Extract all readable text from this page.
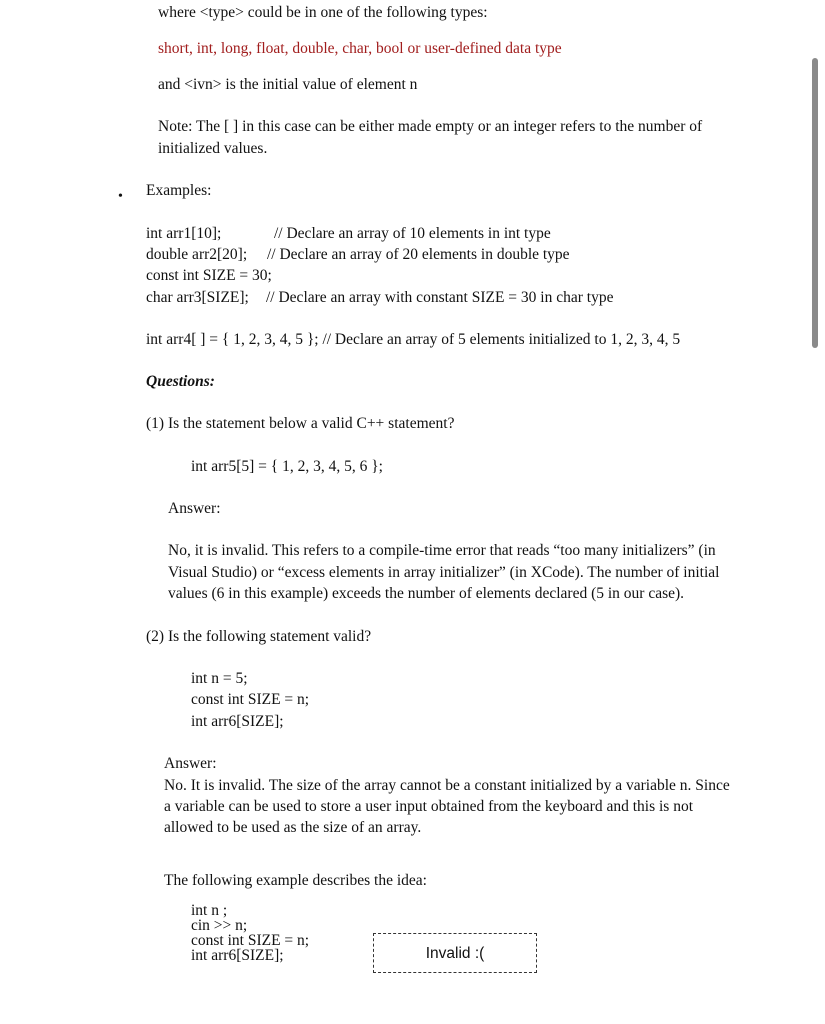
where <type> could be in one of the following types:
short, int, long, float, double, char, bool or user-defined data type
and <ivn> is the initial value of element n
Note: The [ ] in this case can be either made empty or an integer refers to the number of
initialized values.
• Examples:
int arr1[10];	// Declare an array of 10 elements in int type
double arr2[20]; // Declare an array of 20 elements in double type
const int SIZE = 30;
char arr3[SIZE]; // Declare an array with constant SIZE = 30 in char type
int arr4[ ] = { 1, 2, 3, 4, 5 }; // Declare an array of 5 elements initialized to 1, 2, 3, 4, 5
Questions:
(1) Is the statement below a valid C++ statement?
int arr5[5] = { 1, 2, 3, 4, 5, 6 };
Answer:
No, it is invalid. This refers to a compile-time error that reads “too many initializers” (in
Visual Studio) or “excess elements in array initializer” (in XCode). The number of initial
values (6 in this example) exceeds the number of elements declared (5 in our case).
(2) Is the following statement valid?
int n = 5;
const int SIZE = n;
int arr6[SIZE];
Answer:
No. It is invalid. The size of the array cannot be a constant initialized by a variable n. Since
a variable can be used to store a user input obtained from the keyboard and this is not
allowed to be used as the size of an array.
The following example describes the idea:
int n ;
cin >> n;
const int SIZE = n;
int arr6[SIZE];	Invalid :(
